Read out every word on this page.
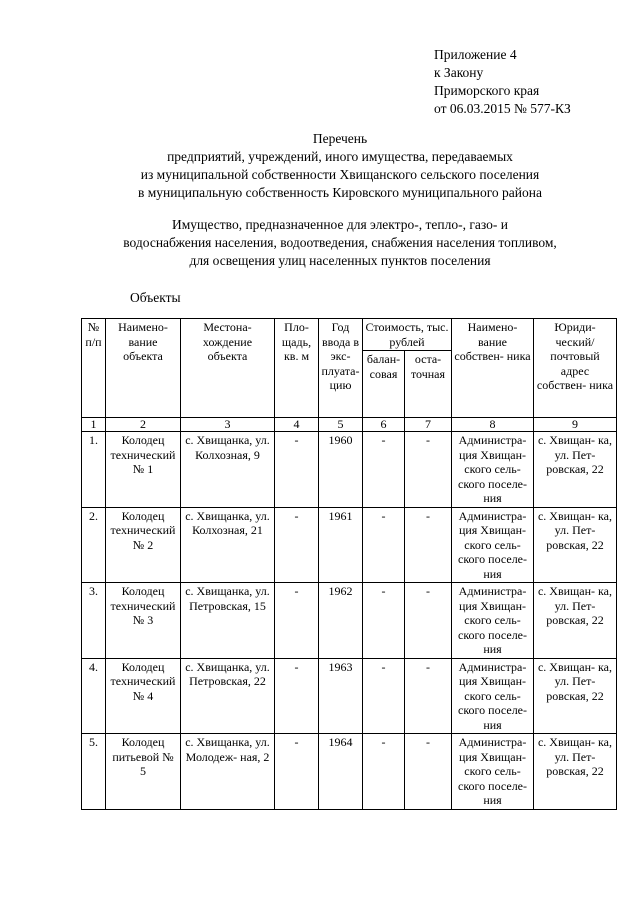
Приложение 4
к Закону
Приморского края
от 06.03.2015 № 577-КЗ
Перечень
предприятий, учреждений, иного имущества, передаваемых
из муниципальной собственности Хвищанского сельского поселения
в муниципальную собственность Кировского муниципального района
Имущество, предназначенное для электро-, тепло-, газо- и
водоснабжения населения, водоотведения, снабжения населения топливом,
для освещения улиц населенных пунктов поселения
Объекты
№ п/п	Наимено- вание объекта	Местона- хождение объекта	Пло- щадь, кв. м	Год ввода в экс- плуата- цию	Стоимость, тыс. рублей		Наимено- вание собствен- ника	Юриди- ческий/ почтовый адрес собствен- ника
					балан- совая	оста- точная		
1	2	3	4	5	6	7	8	9
1.	Колодец технический № 1	с. Хвищанка, ул. Колхозная, 9	-	1960	-	-	Администра- ция Хвищан- ского сель- ского поселе- ния	с. Хвищан- ка, ул. Пет- ровская, 22
2.	Колодец технический № 2	с. Хвищанка, ул. Колхозная, 21	-	1961	-	-	Администра- ция Хвищан- ского сель- ского поселе- ния	с. Хвищан- ка, ул. Пет- ровская, 22
3.	Колодец технический № 3	с. Хвищанка, ул. Петровская, 15	-	1962	-	-	Администра- ция Хвищан- ского сель- ского поселе- ния	с. Хвищан- ка, ул. Пет- ровская, 22
4.	Колодец технический № 4	с. Хвищанка, ул. Петровская, 22	-	1963	-	-	Администра- ция Хвищан- ского сель- ского поселе- ния	с. Хвищан- ка, ул. Пет- ровская, 22
5.	Колодец питьевой № 5	с. Хвищанка, ул. Молодеж- ная, 2	-	1964	-	-	Администра- ция Хвищан- ского сель- ского поселе- ния	с. Хвищан- ка, ул. Пет- ровская, 22
